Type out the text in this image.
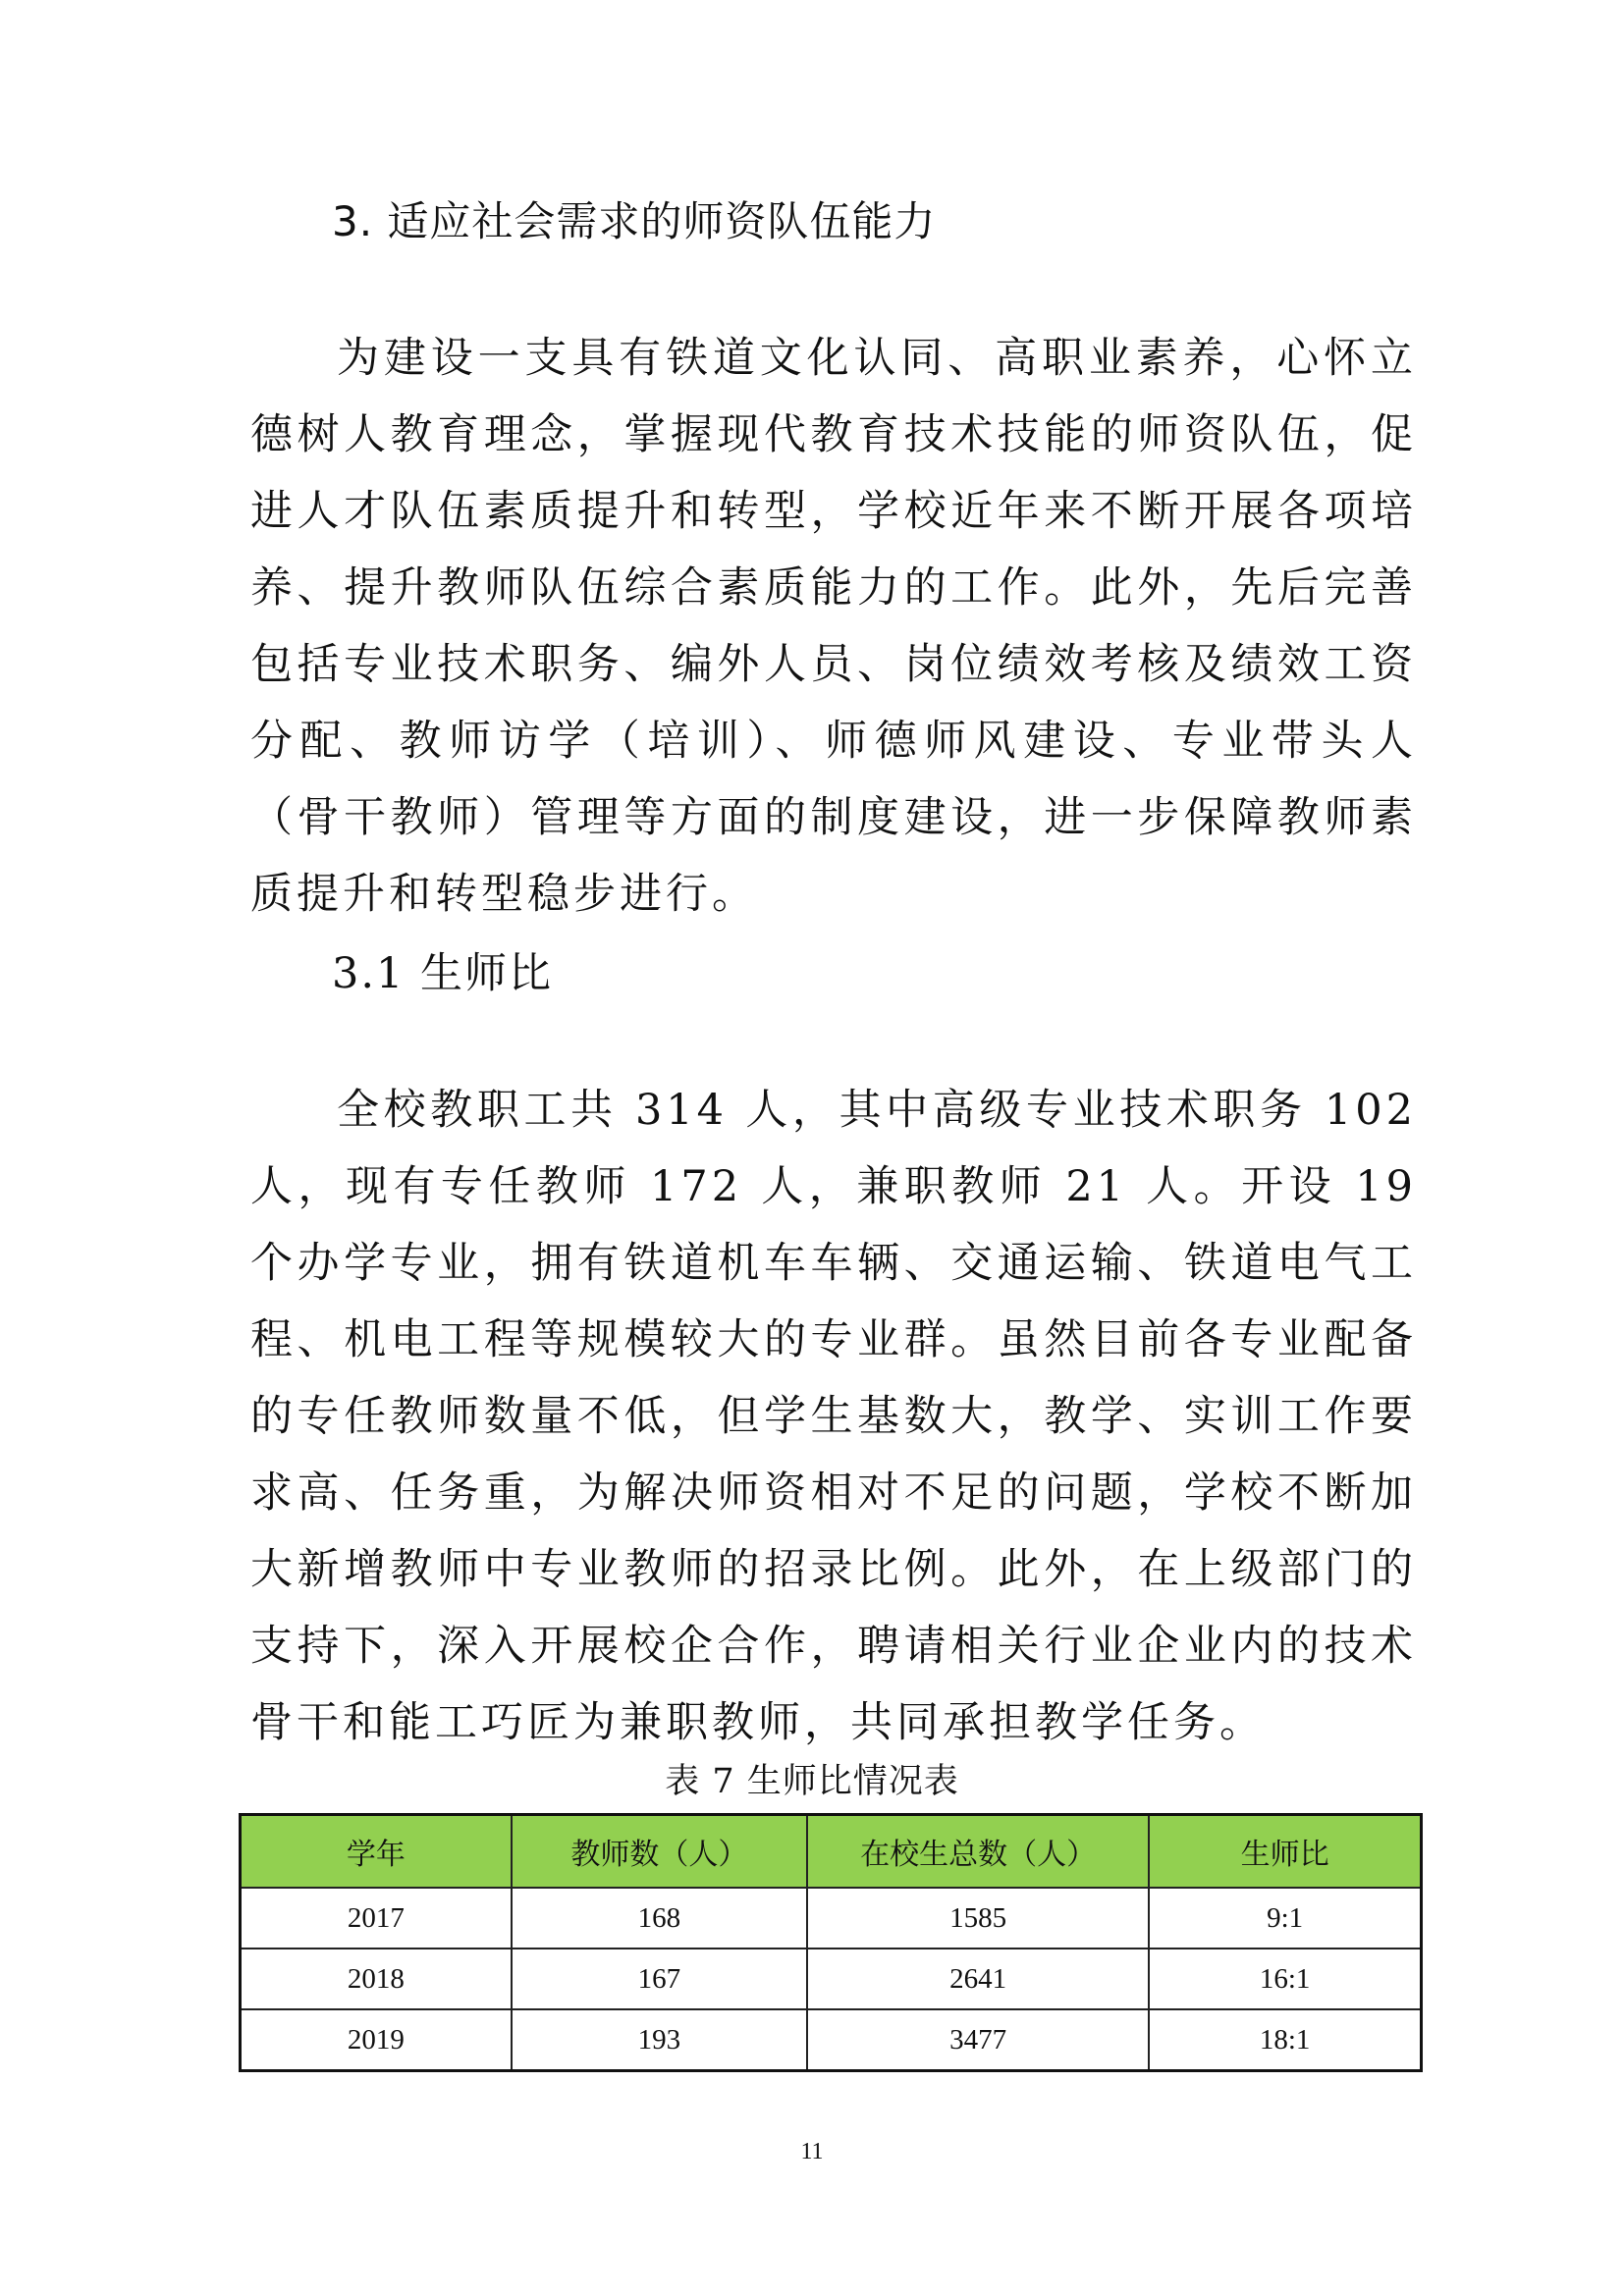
3. 适应社会需求的师资队伍能力

为建设一支具有铁道文化认同、高职业素养，心怀立德树人教育理念，掌握现代教育技术技能的师资队伍，促进人才队伍素质提升和转型，学校近年来不断开展各项培养、提升教师队伍综合素质能力的工作。此外，先后完善包括专业技术职务、编外人员、岗位绩效考核及绩效工资分配、教师访学（培训）、师德师风建设、专业带头人（骨干教师）管理等方面的制度建设，进一步保障教师素质提升和转型稳步进行。

3.1 生师比

全校教职工共 314 人，其中高级专业技术职务 102 人，现有专任教师 172 人，兼职教师 21 人。开设 19 个办学专业，拥有铁道机车车辆、交通运输、铁道电气工程、机电工程等规模较大的专业群。虽然目前各专业配备的专任教师数量不低，但学生基数大，教学、实训工作要求高、任务重，为解决师资相对不足的问题，学校不断加大新增教师中专业教师的招录比例。此外，在上级部门的支持下，深入开展校企合作，聘请相关行业企业内的技术骨干和能工巧匠为兼职教师，共同承担教学任务。

表 7 生师比情况表
学年	教师数（人）	在校生总数（人）	生师比
2017	168	1585	9:1
2018	167	2641	16:1
2019	193	3477	18:1
11
